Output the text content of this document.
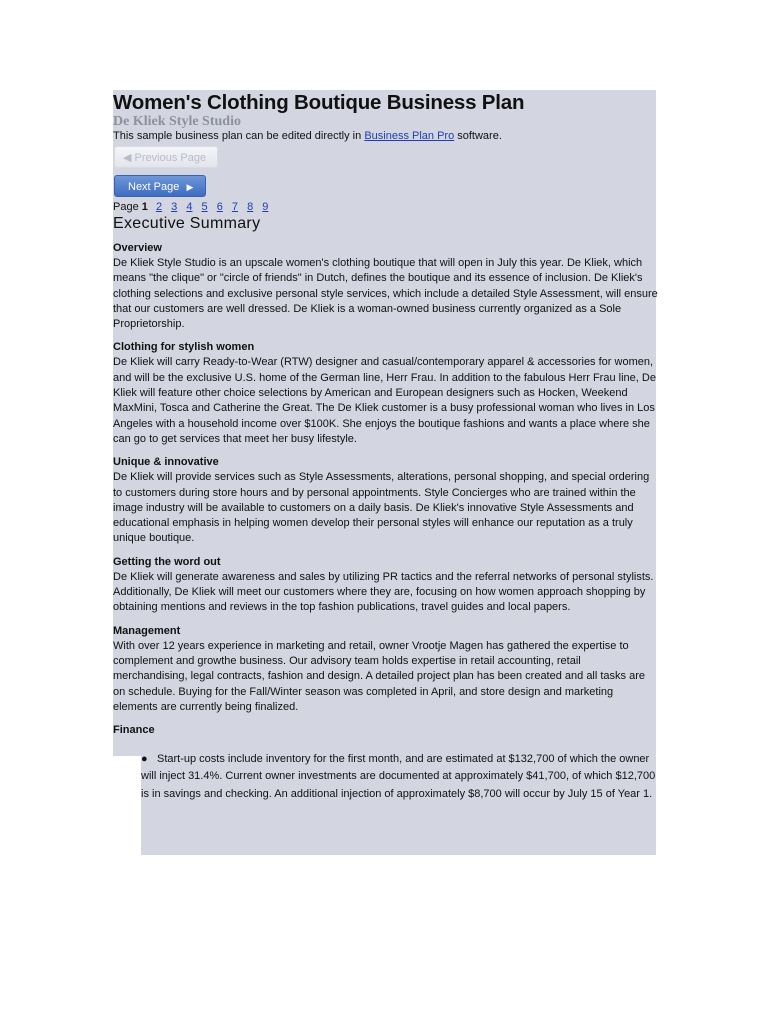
Women's Clothing Boutique Business Plan
De Kliek Style Studio
This sample business plan can be edited directly in Business Plan Pro software.
◀ Previous Page
Next Page ▶
Page 1 2 3 4 5 6 7 8 9
Executive Summary
Overview

De Kliek Style Studio is an upscale women's clothing boutique that will open in July this year. De Kliek, which means "the clique" or "circle of friends" in Dutch, defines the boutique and its essence of inclusion. De Kliek's clothing selections and exclusive personal style services, which include a detailed Style Assessment, will ensure that our customers are well dressed. De Kliek is a woman-owned business currently organized as a Sole Proprietorship.

Clothing for stylish women

De Kliek will carry Ready-to-Wear (RTW) designer and casual/contemporary apparel & accessories for women, and will be the exclusive U.S. home of the German line, Herr Frau. In addition to the fabulous Herr Frau line, De Kliek will feature other choice selections by American and European designers such as Hocken, Weekend MaxMini, Tosca and Catherine the Great. The De Kliek customer is a busy professional woman who lives in Los Angeles with a household income over $100K. She enjoys the boutique fashions and wants a place where she can go to get services that meet her busy lifestyle.

Unique & innovative

De Kliek will provide services such as Style Assessments, alterations, personal shopping, and special ordering to customers during store hours and by personal appointments. Style Concierges who are trained within the image industry will be available to customers on a daily basis. De Kliek's innovative Style Assessments and educational emphasis in helping women develop their personal styles will enhance our reputation as a truly unique boutique.

Getting the word out

De Kliek will generate awareness and sales by utilizing PR tactics and the referral networks of personal stylists. Additionally, De Kliek will meet our customers where they are, focusing on how women approach shopping by obtaining mentions and reviews in the top fashion publications, travel guides and local papers.

Management

With over 12 years experience in marketing and retail, owner Vrootje Magen has gathered the expertise to complement and growthe business. Our advisory team holds expertise in retail accounting, retail merchandising, legal contracts, fashion and design. A detailed project plan has been created and all tasks are on schedule. Buying for the Fall/Winter season was completed in April, and store design and marketing elements are currently being finalized.

Finance
● Start-up costs include inventory for the first month, and are estimated at $132,700 of which the owner will inject 31.4%. Current owner investments are documented at approximately $41,700, of which $12,700 is in savings and checking. An additional injection of approximately $8,700 will occur by July 15 of Year 1.
